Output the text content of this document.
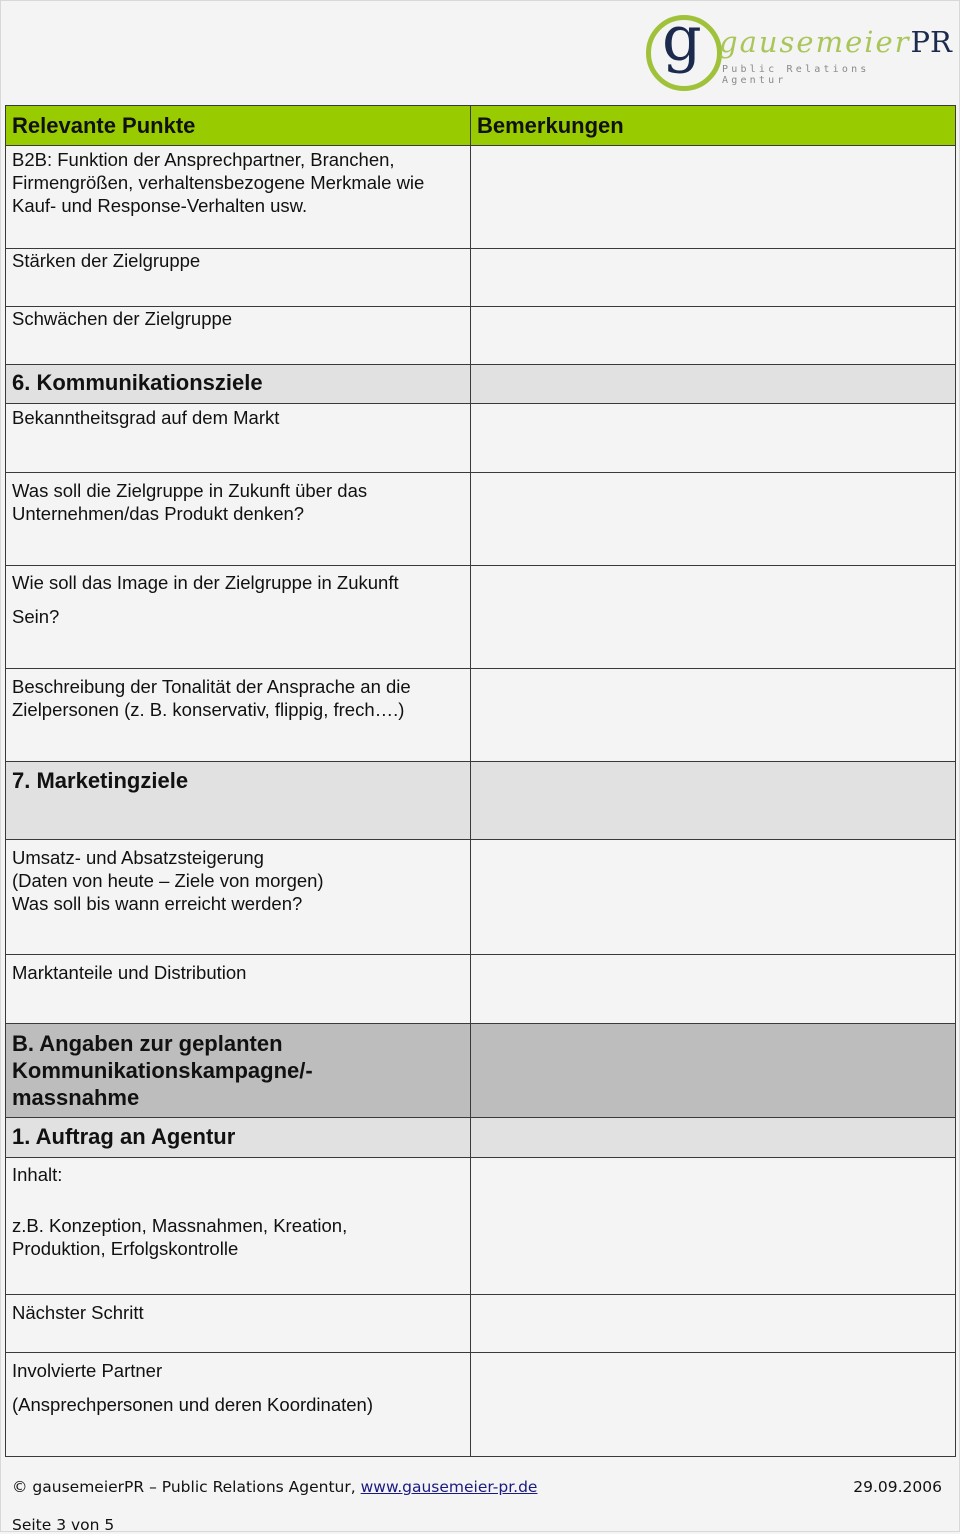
g gausemeierPR
Public Relations Agentur
Relevante Punkte	Bemerkungen
B2B: Funktion der Ansprechpartner, Branchen, Firmengrößen, verhaltensbezogene Merkmale wie Kauf- und Response-Verhalten usw.	
Stärken der Zielgruppe	
Schwächen der Zielgruppe	
6. Kommunikationsziele	
Bekanntheitsgrad auf dem Markt	
Was soll die Zielgruppe in Zukunft über das
Unternehmen/das Produkt denken?	
Wie soll das Image in der Zielgruppe in Zukunft

Sein?	
Beschreibung der Tonalität der Ansprache an die
Zielpersonen (z. B. konservativ, flippig, frech….)	
7. Marketingziele	
Umsatz- und Absatzsteigerung
(Daten von heute – Ziele von morgen)
Was soll bis wann erreicht werden?	
Marktanteile und Distribution	
B. Angaben zur geplanten
Kommunikationskampagne/-
massnahme	
1. Auftrag an Agentur	
Inhalt:

z.B. Konzeption, Massnahmen, Kreation,
Produktion, Erfolgskontrolle	
Nächster Schritt	
Involvierte Partner

(Ansprechpersonen und deren Koordinaten)	
© gausemeierPR – Public Relations Agentur, www.gausemeier-pr.de	29.09.2006
Seite 3 von 5
